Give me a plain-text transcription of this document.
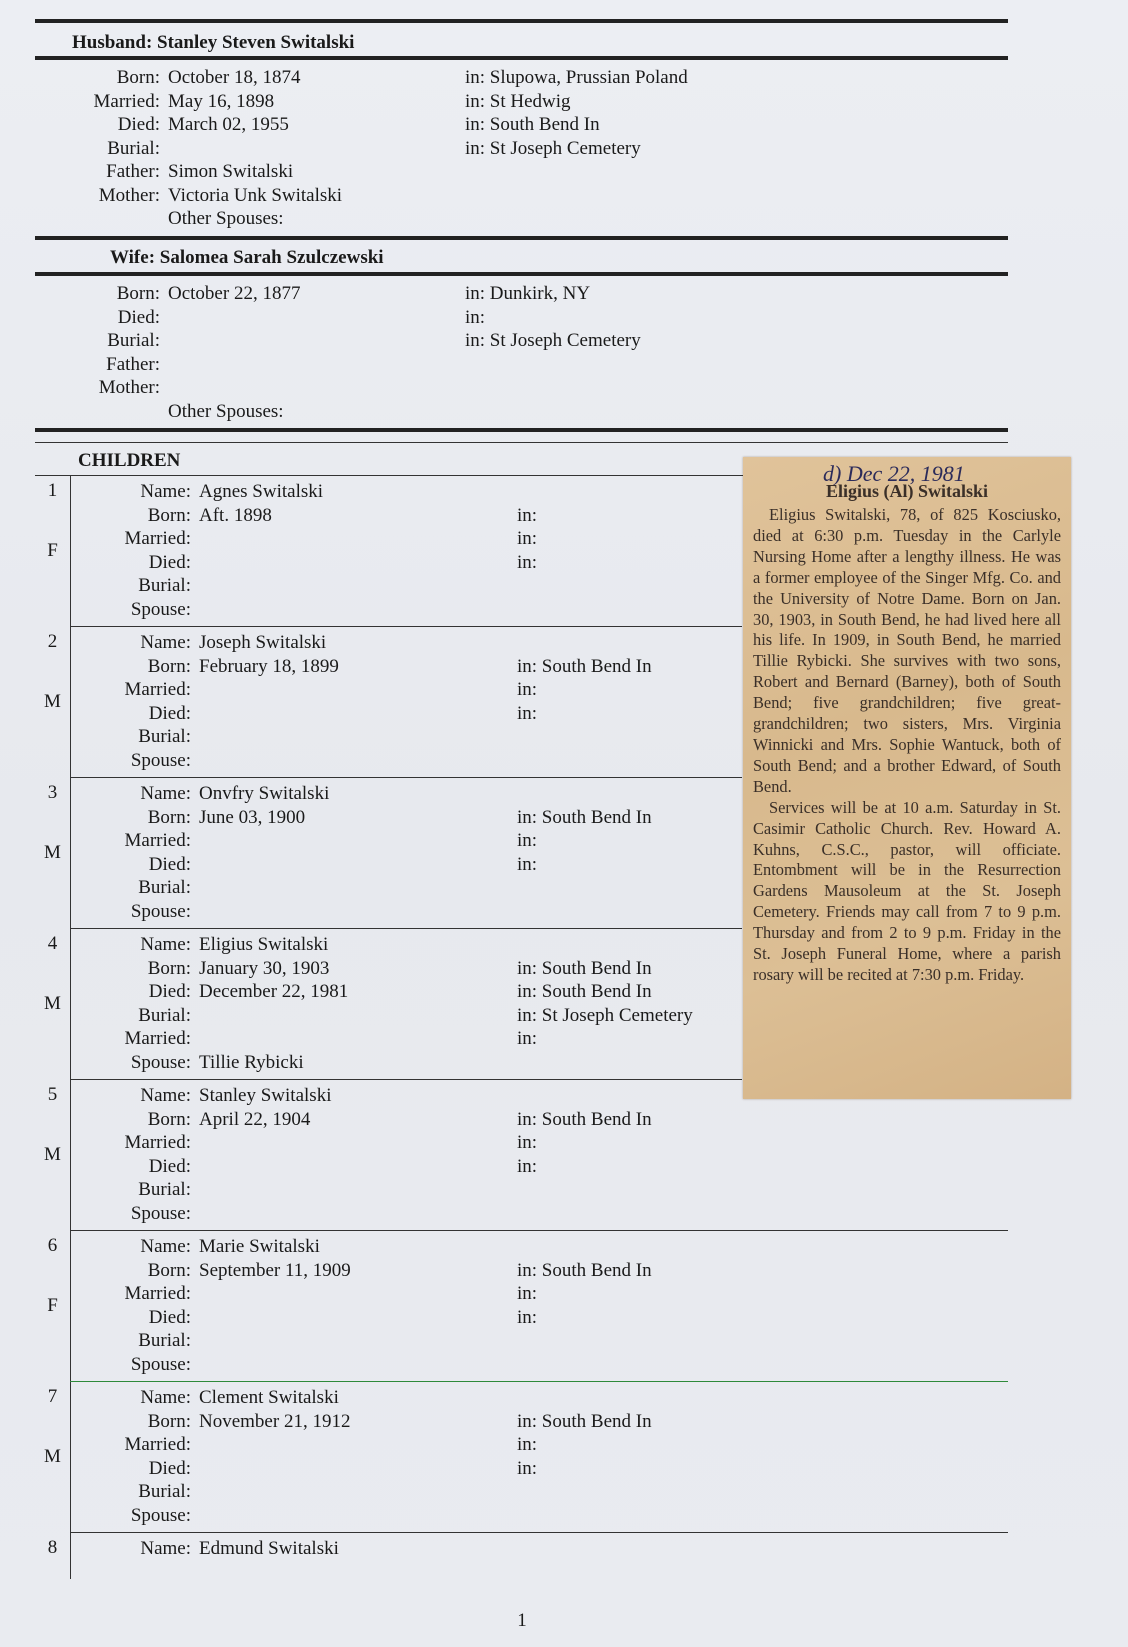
Husband: Stanley Steven Switalski
Born: October 18, 1874	in: Slupowa, Prussian Poland
Married: May 16, 1898	in: St Hedwig
Died: March 02, 1955	in: South Bend In
Burial:	in: St Joseph Cemetery
Father: Simon Switalski
Mother: Victoria Unk Switalski
Other Spouses:
Wife: Salomea Sarah Szulczewski
Born: October 22, 1877	in: Dunkirk, NY
Died:	in:
Burial:	in: St Joseph Cemetery
Father:
Mother:
Other Spouses:
CHILDREN
1
F
Name: Agnes Switalski
Born: Aft. 1898	in:
Married:	in:
Died:	in:
Burial:
Spouse:
2
M
Name: Joseph Switalski
Born: February 18, 1899	in: South Bend In
Married:	in:
Died:	in:
Burial:
Spouse:
3
M
Name: Onvfry Switalski
Born: June 03, 1900	in: South Bend In
Married:	in:
Died:	in:
Burial:
Spouse:
4
M
Name: Eligius Switalski
Born: January 30, 1903	in: South Bend In
Died: December 22, 1981	in: South Bend In
Burial:	in: St Joseph Cemetery
Married:	in:
Spouse: Tillie Rybicki
5
M
Name: Stanley Switalski
Born: April 22, 1904	in: South Bend In
Married:	in:
Died:	in:
Burial:
Spouse:
6
F
Name: Marie Switalski
Born: September 11, 1909	in: South Bend In
Married:	in:
Died:	in:
Burial:
Spouse:
7
M
Name: Clement Switalski
Born: November 21, 1912	in: South Bend In
Married:	in:
Died:	in:
Burial:
Spouse:
8	Name: Edmund Switalski
d) Dec 22, 1981
Eligius (Al) Switalski

Eligius Switalski, 78, of 825 Kosciusko, died at 6:30 p.m. Tuesday in the Carlyle Nursing Home after a lengthy illness. He was a former employee of the Singer Mfg. Co. and the University of Notre Dame. Born on Jan. 30, 1903, in South Bend, he had lived here all his life. In 1909, in South Bend, he married Tillie Rybicki. She survives with two sons, Robert and Bernard (Barney), both of South Bend; five grandchildren; five great-grandchildren; two sisters, Mrs. Virginia Winnicki and Mrs. Sophie Wantuck, both of South Bend; and a brother Edward, of South Bend.

Services will be at 10 a.m. Saturday in St. Casimir Catholic Church. Rev. Howard A. Kuhns, C.S.C., pastor, will officiate. Entombment will be in the Resurrection Gardens Mausoleum at the St. Joseph Cemetery. Friends may call from 7 to 9 p.m. Thursday and from 2 to 9 p.m. Friday in the St. Joseph Funeral Home, where a parish rosary will be recited at 7:30 p.m. Friday.

1
